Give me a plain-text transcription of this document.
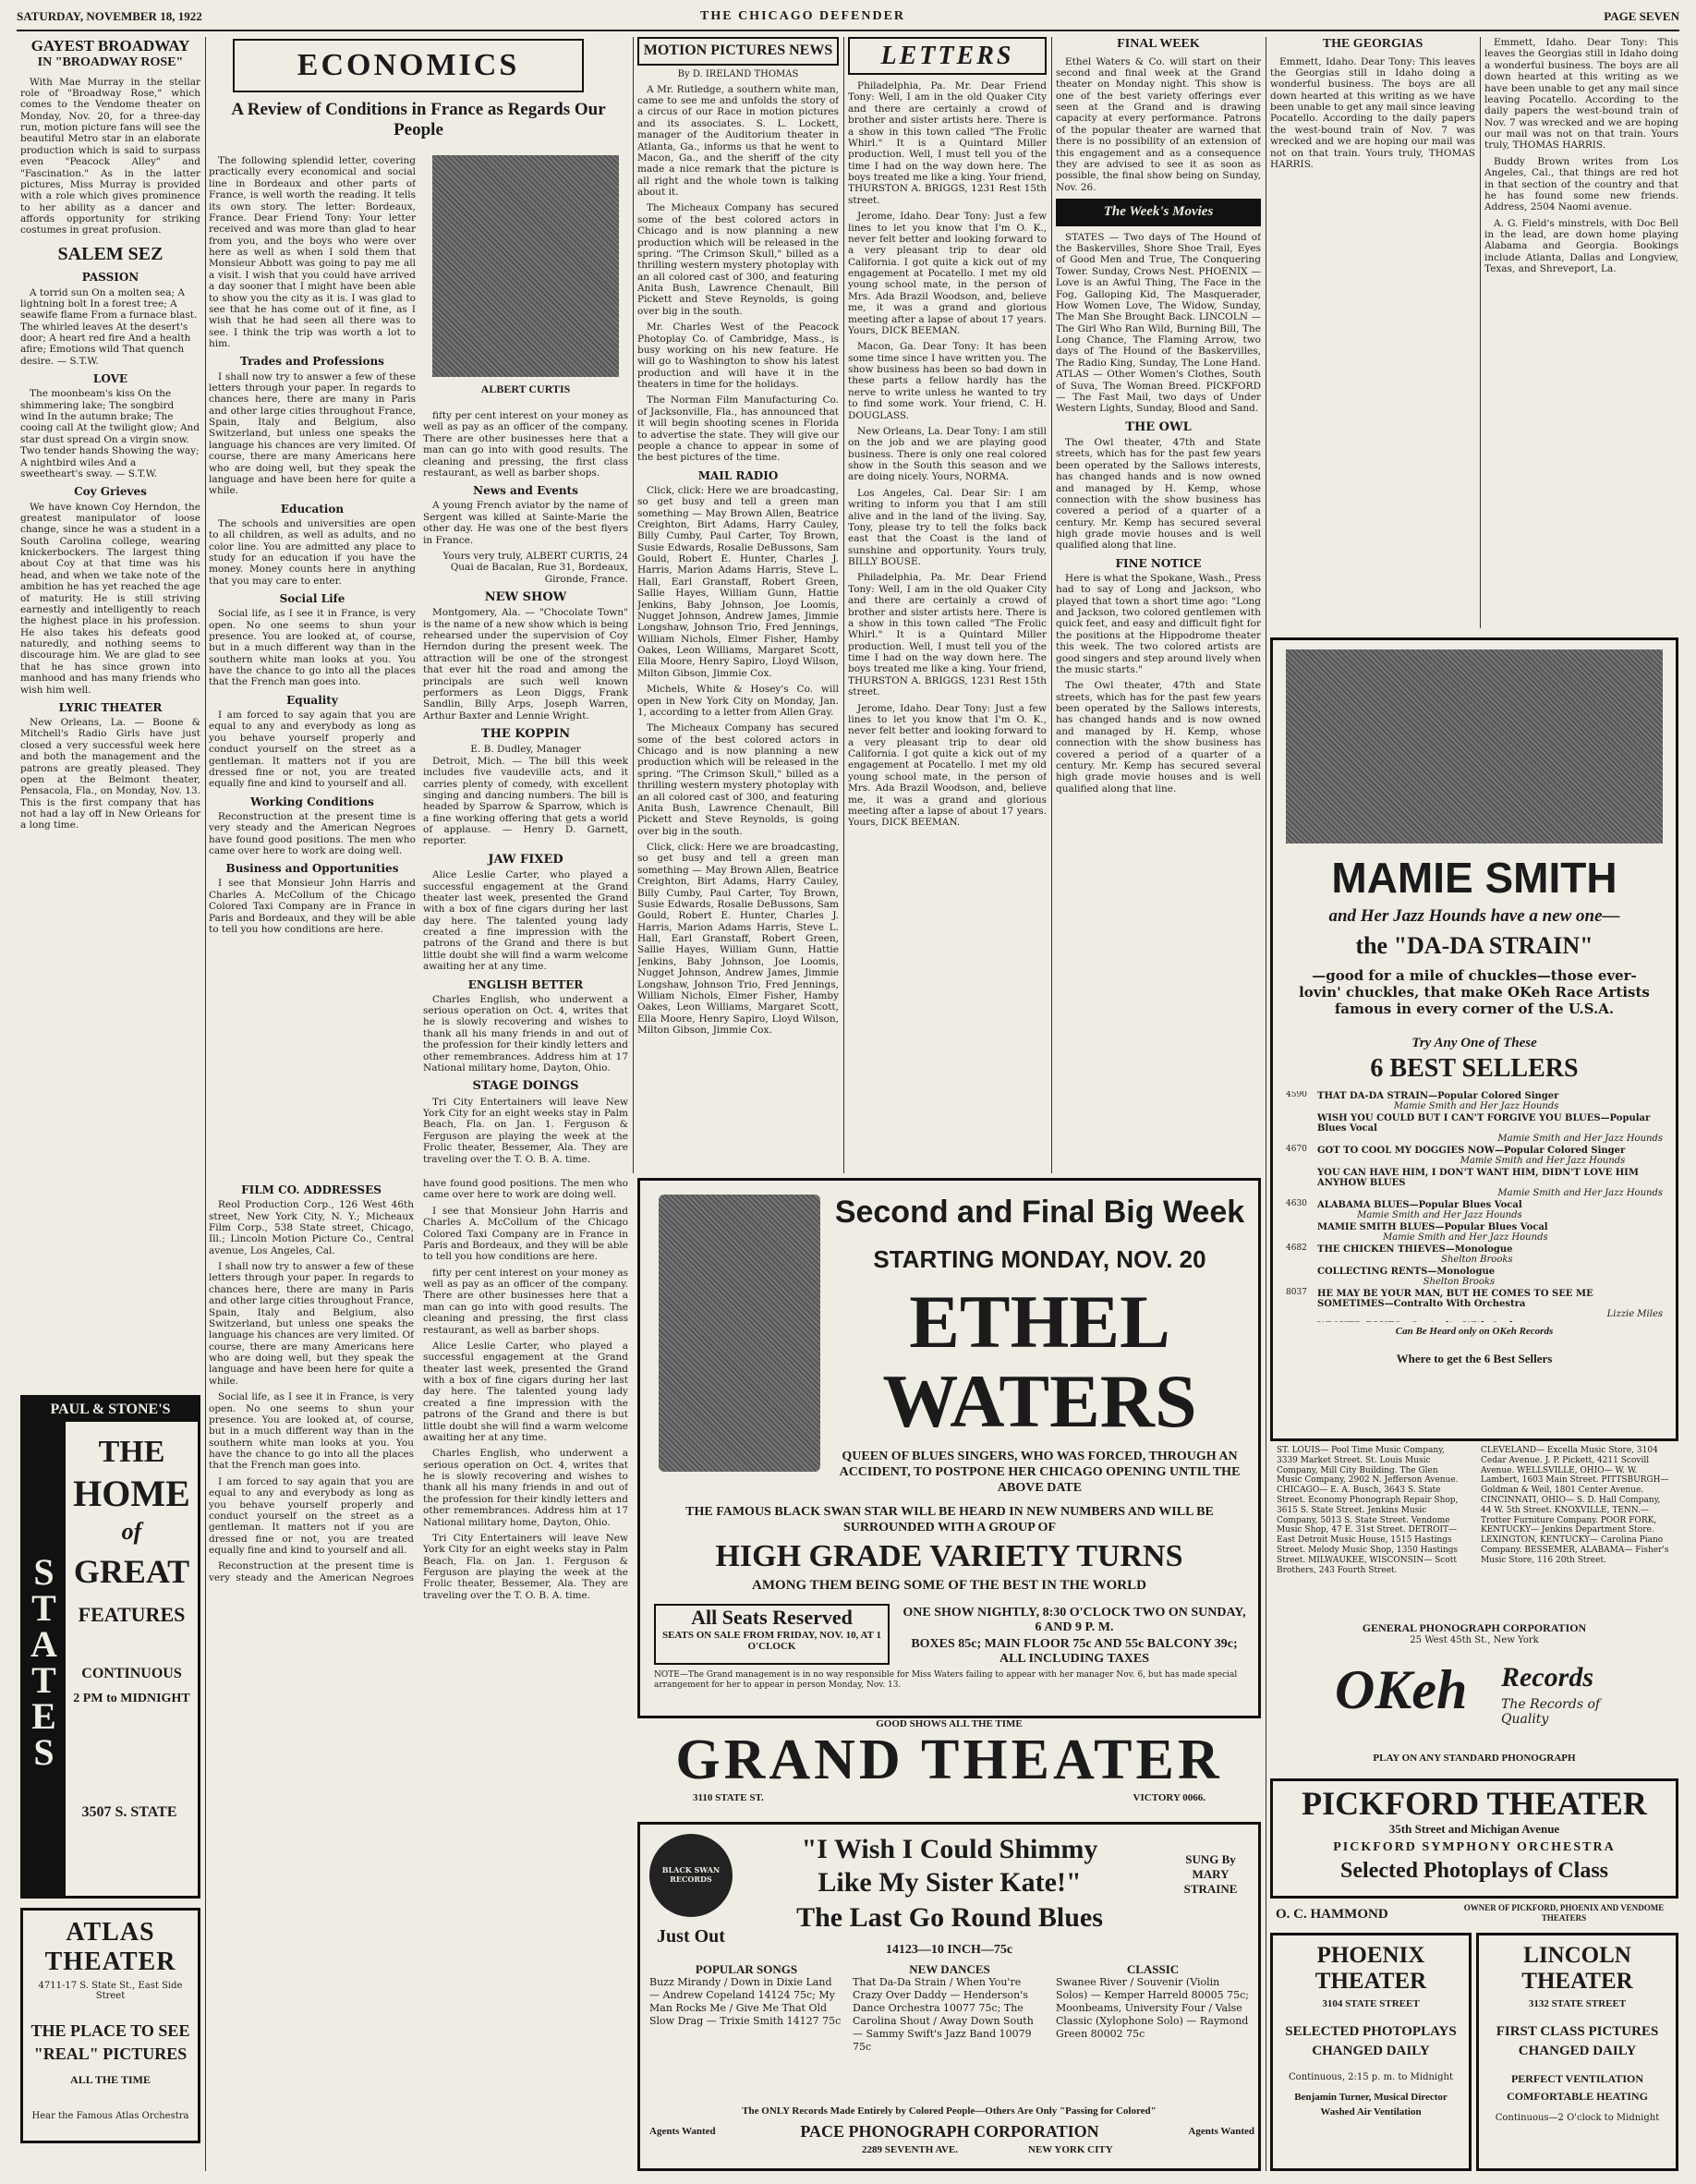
SATURDAY, NOVEMBER 18, 1922	THE CHICAGO DEFENDER	PAGE SEVEN
GAYEST BROADWAY
IN "BROADWAY ROSE"

With Mae Murray in the stellar role of "Broadway Rose," which comes to the Vendome theater on Monday, Nov. 20, for a three-day run, motion picture fans will see the beautiful Metro star in an elaborate production which is said to surpass even "Peacock Alley" and "Fascination." As in the latter pictures, Miss Murray is provided with a role which gives prominence to her ability as a dancer and affords opportunity for striking costumes in great profusion.

SALEM SEZ
PASSION

A torrid sun On a molten sea; A lightning bolt In a forest tree; A seawife flame From a furnace blast. The whirled leaves At the desert's door; A heart red fire And a health afire; Emotions wild That quench desire. — S.T.W.

LOVE

The moonbeam's kiss On the shimmering lake; The songbird wind In the autumn brake; The cooing call At the twilight glow; And star dust spread On a virgin snow. Two tender hands Showing the way; A nightbird wiles And a sweetheart's sway. — S.T.W.

Coy Grieves

We have known Coy Herndon, the greatest manipulator of loose change, since he was a student in a South Carolina college, wearing knickerbockers. The largest thing about Coy at that time was his head, and when we take note of the ambition he has yet reached the age of maturity. He is still striving earnestly and intelligently to reach the highest place in his profession. He also takes his defeats good naturedly, and nothing seems to discourage him. We are glad to see that he has since grown into manhood and has many friends who wish him well.

LYRIC THEATER

New Orleans, La. — Boone & Mitchell's Radio Girls have just closed a very successful week here and both the management and the patrons are greatly pleased. They open at the Belmont theater, Pensacola, Fla., on Monday, Nov. 13. This is the first company that has not had a lay off in New Orleans for a long time.

PAUL & STONE'S
STATES
THE
HOME
of
GREAT
FEATURES
CONTINUOUS
2 PM to MIDNIGHT
3507 S. STATE
ATLAS THEATER
4711-17 S. State St., East Side Street
THE PLACE TO SEE
"REAL" PICTURES
ALL THE TIME
Hear the Famous Atlas Orchestra
ECONOMICS
A Review of Conditions in France as Regards Our People

The following splendid letter, covering practically every economical and social line in Bordeaux and other parts of France, is well worth the reading. It tells its own story. The letter: Bordeaux, France. Dear Friend Tony: Your letter received and was more than glad to hear from you, and the boys who were over here as well as when I sold them that Monsieur Abbott was going to pay me all a visit. I wish that you could have arrived a day sooner that I might have been able to show you the city as it is. I was glad to see that he has come out of it fine, as I wish that he had seen all there was to see. I think the trip was worth a lot to him.

Trades and Professions

I shall now try to answer a few of these letters through your paper. In regards to chances here, there are many in Paris and other large cities throughout France, Spain, Italy and Belgium, also Switzerland, but unless one speaks the language his chances are very limited. Of course, there are many Americans here who are doing well, but they speak the language and have been here for quite a while.

Education

The schools and universities are open to all children, as well as adults, and no color line. You are admitted any place to study for an education if you have the money. Money counts here in anything that you may care to enter.

Social Life

Social life, as I see it in France, is very open. No one seems to shun your presence. You are looked at, of course, but in a much different way than in the southern white man looks at you. You have the chance to go into all the places that the French man goes into.

Equality

I am forced to say again that you are equal to any and everybody as long as you behave yourself properly and conduct yourself on the street as a gentleman. It matters not if you are dressed fine or not, you are treated equally fine and kind to yourself and all.

Working Conditions

Reconstruction at the present time is very steady and the American Negroes have found good positions. The men who came over here to work are doing well.

Business and Opportunities

I see that Monsieur John Harris and Charles A. McCollum of the Chicago Colored Taxi Company are in France in Paris and Bordeaux, and they will be able to tell you how conditions are here.

ALBERT CURTIS

fifty per cent interest on your money as well as pay as an officer of the company. There are other businesses here that a man can go into with good results. The cleaning and pressing, the first class restaurant, as well as barber shops.

News and Events

A young French aviator by the name of Sergent was killed at Sainte-Marie the other day. He was one of the best flyers in France.

Yours very truly, ALBERT CURTIS, 24 Quai de Bacalan, Rue 31, Bordeaux, Gironde, France.

NEW SHOW

Montgomery, Ala. — "Chocolate Town" is the name of a new show which is being rehearsed under the supervision of Coy Herndon during the present week. The attraction will be one of the strongest that ever hit the road and among the principals are such well known performers as Leon Diggs, Frank Sandlin, Billy Arps, Joseph Warren, Arthur Baxter and Lennie Wright.

THE KOPPIN
E. B. Dudley, Manager

Detroit, Mich. — The bill this week includes five vaudeville acts, and it carries plenty of comedy, with excellent singing and dancing numbers. The bill is headed by Sparrow & Sparrow, which is a fine working offering that gets a world of applause. — Henry D. Garnett, reporter.

JAW FIXED

Alice Leslie Carter, who played a successful engagement at the Grand theater last week, presented the Grand with a box of fine cigars during her last day here. The talented young lady created a fine impression with the patrons of the Grand and there is but little doubt she will find a warm welcome awaiting her at any time.

ENGLISH BETTER

Charles English, who underwent a serious operation on Oct. 4, writes that he is slowly recovering and wishes to thank all his many friends in and out of the profession for their kindly letters and other remembrances. Address him at 17 National military home, Dayton, Ohio.

STAGE DOINGS

Tri City Entertainers will leave New York City for an eight weeks stay in Palm Beach, Fla. on Jan. 1. Ferguson & Ferguson are playing the week at the Frolic theater, Bessemer, Ala. They are traveling over the T. O. B. A. time.

FILM CO. ADDRESSES

Reol Production Corp., 126 West 46th street, New York City, N. Y.; Micheaux Film Corp., 538 State street, Chicago, Ill.; Lincoln Motion Picture Co., Central avenue, Los Angeles, Cal.

I shall now try to answer a few of these letters through your paper. In regards to chances here, there are many in Paris and other large cities throughout France, Spain, Italy and Belgium, also Switzerland, but unless one speaks the language his chances are very limited. Of course, there are many Americans here who are doing well, but they speak the language and have been here for quite a while.

Social life, as I see it in France, is very open. No one seems to shun your presence. You are looked at, of course, but in a much different way than in the southern white man looks at you. You have the chance to go into all the places that the French man goes into.

I am forced to say again that you are equal to any and everybody as long as you behave yourself properly and conduct yourself on the street as a gentleman. It matters not if you are dressed fine or not, you are treated equally fine and kind to yourself and all.

Reconstruction at the present time is very steady and the American Negroes have found good positions. The men who came over here to work are doing well.

I see that Monsieur John Harris and Charles A. McCollum of the Chicago Colored Taxi Company are in France in Paris and Bordeaux, and they will be able to tell you how conditions are here.

fifty per cent interest on your money as well as pay as an officer of the company. There are other businesses here that a man can go into with good results. The cleaning and pressing, the first class restaurant, as well as barber shops.

Alice Leslie Carter, who played a successful engagement at the Grand theater last week, presented the Grand with a box of fine cigars during her last day here. The talented young lady created a fine impression with the patrons of the Grand and there is but little doubt she will find a warm welcome awaiting her at any time.

Charles English, who underwent a serious operation on Oct. 4, writes that he is slowly recovering and wishes to thank all his many friends in and out of the profession for their kindly letters and other remembrances. Address him at 17 National military home, Dayton, Ohio.

Tri City Entertainers will leave New York City for an eight weeks stay in Palm Beach, Fla. on Jan. 1. Ferguson & Ferguson are playing the week at the Frolic theater, Bessemer, Ala. They are traveling over the T. O. B. A. time.

MOTION PICTURES NEWS
By D. IRELAND THOMAS

A Mr. Rutledge, a southern white man, came to see me and unfolds the story of a circus of our Race in motion pictures and its associates. S. L. Lockett, manager of the Auditorium theater in Atlanta, Ga., informs us that he went to Macon, Ga., and the sheriff of the city made a nice remark that the picture is all right and the whole town is talking about it.

The Micheaux Company has secured some of the best colored actors in Chicago and is now planning a new production which will be released in the spring. "The Crimson Skull," billed as a thrilling western mystery photoplay with an all colored cast of 300, and featuring Anita Bush, Lawrence Chenault, Bill Pickett and Steve Reynolds, is going over big in the south.

Mr. Charles West of the Peacock Photoplay Co. of Cambridge, Mass., is busy working on his new feature. He will go to Washington to show his latest production and will have it in the theaters in time for the holidays.

The Norman Film Manufacturing Co. of Jacksonville, Fla., has announced that it will begin shooting scenes in Florida to advertise the state. They will give our people a chance to appear in some of the best pictures of the time.

MAIL RADIO

Click, click: Here we are broadcasting, so get busy and tell a green man something — May Brown Allen, Beatrice Creighton, Birt Adams, Harry Cauley, Billy Cumby, Paul Carter, Toy Brown, Susie Edwards, Rosalie DeBussons, Sam Gould, Robert E. Hunter, Charles J. Harris, Marion Adams Harris, Steve L. Hall, Earl Granstaff, Robert Green, Sallie Hayes, William Gunn, Hattie Jenkins, Baby Johnson, Joe Loomis, Nugget Johnson, Andrew James, Jimmie Longshaw, Johnson Trio, Fred Jennings, William Nichols, Elmer Fisher, Hamby Oakes, Leon Williams, Margaret Scott, Ella Moore, Henry Sapiro, Lloyd Wilson, Milton Gibson, Jimmie Cox.

Michels, White & Hosey's Co. will open in New York City on Monday, Jan. 1, according to a letter from Allen Gray.

The Micheaux Company has secured some of the best colored actors in Chicago and is now planning a new production which will be released in the spring. "The Crimson Skull," billed as a thrilling western mystery photoplay with an all colored cast of 300, and featuring Anita Bush, Lawrence Chenault, Bill Pickett and Steve Reynolds, is going over big in the south.

Click, click: Here we are broadcasting, so get busy and tell a green man something — May Brown Allen, Beatrice Creighton, Birt Adams, Harry Cauley, Billy Cumby, Paul Carter, Toy Brown, Susie Edwards, Rosalie DeBussons, Sam Gould, Robert E. Hunter, Charles J. Harris, Marion Adams Harris, Steve L. Hall, Earl Granstaff, Robert Green, Sallie Hayes, William Gunn, Hattie Jenkins, Baby Johnson, Joe Loomis, Nugget Johnson, Andrew James, Jimmie Longshaw, Johnson Trio, Fred Jennings, William Nichols, Elmer Fisher, Hamby Oakes, Leon Williams, Margaret Scott, Ella Moore, Henry Sapiro, Lloyd Wilson, Milton Gibson, Jimmie Cox.

LETTERS

Philadelphia, Pa. Mr. Dear Friend Tony: Well, I am in the old Quaker City and there are certainly a crowd of brother and sister artists here. There is a show in this town called "The Frolic Whirl." It is a Quintard Miller production. Well, I must tell you of the time I had on the way down here. The boys treated me like a king. Your friend, THURSTON A. BRIGGS, 1231 Rest 15th street.

Jerome, Idaho. Dear Tony: Just a few lines to let you know that I'm O. K., never felt better and looking forward to a very pleasant trip to dear old California. I got quite a kick out of my engagement at Pocatello. I met my old young school mate, in the person of Mrs. Ada Brazil Woodson, and, believe me, it was a grand and glorious meeting after a lapse of about 17 years. Yours, DICK BEEMAN.

Macon, Ga. Dear Tony: It has been some time since I have written you. The show business has been so bad down in these parts a fellow hardly has the nerve to write unless he wanted to try to find some work. Your friend, C. H. DOUGLASS.

New Orleans, La. Dear Tony: I am still on the job and we are playing good business. There is only one real colored show in the South this season and we are doing nicely. Yours, NORMA.

Los Angeles, Cal. Dear Sir: I am writing to inform you that I am still alive and in the land of the living. Say, Tony, please try to tell the folks back east that the Coast is the land of sunshine and opportunity. Yours truly, BILLY BOUSE.

Philadelphia, Pa. Mr. Dear Friend Tony: Well, I am in the old Quaker City and there are certainly a crowd of brother and sister artists here. There is a show in this town called "The Frolic Whirl." It is a Quintard Miller production. Well, I must tell you of the time I had on the way down here. The boys treated me like a king. Your friend, THURSTON A. BRIGGS, 1231 Rest 15th street.

Jerome, Idaho. Dear Tony: Just a few lines to let you know that I'm O. K., never felt better and looking forward to a very pleasant trip to dear old California. I got quite a kick out of my engagement at Pocatello. I met my old young school mate, in the person of Mrs. Ada Brazil Woodson, and, believe me, it was a grand and glorious meeting after a lapse of about 17 years. Yours, DICK BEEMAN.

FINAL WEEK

Ethel Waters & Co. will start on their second and final week at the Grand theater on Monday night. This show is one of the best variety offerings ever seen at the Grand and is drawing capacity at every performance. Patrons of the popular theater are warned that there is no possibility of an extension of this engagement and as a consequence they are advised to see it as soon as possible, the final show being on Sunday, Nov. 26.

The Week's Movies

STATES — Two days of The Hound of the Baskervilles, Shore Shoe Trail, Eyes of Good Men and True, The Conquering Tower. Sunday, Crows Nest. PHOENIX — Love is an Awful Thing, The Face in the Fog, Galloping Kid, The Masquerader, How Women Love, The Widow, Sunday, The Man She Brought Back. LINCOLN — The Girl Who Ran Wild, Burning Bill, The Long Chance, The Flaming Arrow, two days of The Hound of the Baskervilles, The Radio King, Sunday, The Lone Hand. ATLAS — Other Women's Clothes, South of Suva, The Woman Breed. PICKFORD — The Fast Mail, two days of Under Western Lights, Sunday, Blood and Sand.

THE OWL

The Owl theater, 47th and State streets, which has for the past few years been operated by the Sallows interests, has changed hands and is now owned and managed by H. Kemp, whose connection with the show business has covered a period of a quarter of a century. Mr. Kemp has secured several high grade movie houses and is well qualified along that line.

FINE NOTICE

Here is what the Spokane, Wash., Press had to say of Long and Jackson, who played that town a short time ago: "Long and Jackson, two colored gentlemen with quick feet, and easy and difficult fight for the positions at the Hippodrome theater this week. The two colored artists are good singers and step around lively when the music starts."

The Owl theater, 47th and State streets, which has for the past few years been operated by the Sallows interests, has changed hands and is now owned and managed by H. Kemp, whose connection with the show business has covered a period of a quarter of a century. Mr. Kemp has secured several high grade movie houses and is well qualified along that line.

THE GEORGIAS

Emmett, Idaho. Dear Tony: This leaves the Georgias still in Idaho doing a wonderful business. The boys are all down hearted at this writing as we have been unable to get any mail since leaving Pocatello. According to the daily papers the west-bound train of Nov. 7 was wrecked and we are hoping our mail was not on that train. Yours truly, THOMAS HARRIS.

Emmett, Idaho. Dear Tony: This leaves the Georgias still in Idaho doing a wonderful business. The boys are all down hearted at this writing as we have been unable to get any mail since leaving Pocatello. According to the daily papers the west-bound train of Nov. 7 was wrecked and we are hoping our mail was not on that train. Yours truly, THOMAS HARRIS.

Buddy Brown writes from Los Angeles, Cal., that things are red hot in that section of the country and that he has found some new friends. Address, 2504 Naomi avenue.

A. G. Field's minstrels, with Doc Bell in the lead, are down home playing Alabama and Georgia. Bookings include Atlanta, Dallas and Longview, Texas, and Shreveport, La.

MAMIE SMITH
and Her Jazz Hounds have a new one—
the "DA-DA STRAIN"
—good for a mile of chuckles—those ever-lovin' chuckles, that make OKeh Race Artists famous in every corner of the U.S.A.
Try Any One of These
6 BEST SELLERS
4590	THAT DA-DA STRAIN—Popular Colored Singer
Mamie Smith and Her Jazz Hounds
WISH YOU COULD BUT I CAN'T FORGIVE YOU BLUES—Popular Blues Vocal
Mamie Smith and Her Jazz Hounds
4670	GOT TO COOL MY DOGGIES NOW—Popular Colored Singer
Mamie Smith and Her Jazz Hounds
YOU CAN HAVE HIM, I DON'T WANT HIM, DIDN'T LOVE HIM ANYHOW BLUES
Mamie Smith and Her Jazz Hounds
4630	ALABAMA BLUES—Popular Blues Vocal
Mamie Smith and Her Jazz Hounds
MAMIE SMITH BLUES—Popular Blues Vocal
Mamie Smith and Her Jazz Hounds
4682	THE CHICKEN THIEVES—Monologue
Shelton Brooks
COLLECTING RENTS—Monologue
Shelton Brooks
8037	HE MAY BE YOUR MAN, BUT HE COMES TO SEE ME SOMETIMES—Contralto With Orchestra
Lizzie Miles
Can Be Heard only on OKeh Records
Where to get the 6 Best Sellers
ST. LOUIS— Pool Time Music Company, 3339 Market Street. St. Louis Music Company, Mill City Building. The Glen Music Company, 2902 N. Jefferson Avenue. CHICAGO— E. A. Busch, 3643 S. State Street. Economy Phonograph Repair Shop, 3615 S. State Street. Jenkins Music Company, 5013 S. State Street. Vendome Music Shop, 47 E. 31st Street. DETROIT— East Detroit Music House, 1515 Hastings Street. Melody Music Shop, 1350 Hastings Street. MILWAUKEE, WISCONSIN— Scott Brothers, 243 Fourth Street.
CLEVELAND— Excella Music Store, 3104 Cedar Avenue. J. P. Pickett, 4211 Scovill Avenue. WELLSVILLE, OHIO— W. W. Lambert, 1603 Main Street. PITTSBURGH— Goldman & Weil, 1801 Center Avenue. CINCINNATI, OHIO— S. D. Hall Company, 44 W. 5th Street. KNOXVILLE, TENN.— Trotter Furniture Company. POOR FORK, KENTUCKY— Jenkins Department Store. LEXINGTON, KENTUCKY— Carolina Piano Company. BESSEMER, ALABAMA— Fisher's Music Store, 116 20th Street.
GENERAL PHONOGRAPH CORPORATION
25 West 45th St., New York
OKeh Records
The Records of Quality
PLAY ON ANY STANDARD PHONOGRAPH
Second and Final Big Week
STARTING MONDAY, NOV. 20
ETHEL
WATERS
QUEEN OF BLUES SINGERS, WHO WAS FORCED, THROUGH AN ACCIDENT, TO POSTPONE HER CHICAGO OPENING UNTIL THE ABOVE DATE
THE FAMOUS BLACK SWAN STAR WILL BE HEARD IN NEW NUMBERS AND WILL BE SURROUNDED WITH A GROUP OF
HIGH GRADE VARIETY TURNS
AMONG THEM BEING SOME OF THE BEST IN THE WORLD
All Seats Reserved
SEATS ON SALE FROM FRIDAY, NOV. 10, AT 1 O'CLOCK
ONE SHOW NIGHTLY, 8:30 O'CLOCK TWO ON SUNDAY, 6 AND 9 P. M.
BOXES 85c; MAIN FLOOR 75c AND 55c BALCONY 39c; ALL INCLUDING TAXES
NOTE—The Grand management is in no way responsible for Miss Waters failing to appear with her manager Nov. 6, but has made special arrangement for her to appear in person Monday, Nov. 13.
GOOD SHOWS ALL THE TIME
GRAND THEATER
3110 STATE ST.	VICTORY 0066.
BLACK SWAN RECORDS
Just Out
"I Wish I Could Shimmy
Like My Sister Kate!"
The Last Go Round Blues
SUNG By MARY STRAINE
14123—10 INCH—75c
POPULAR SONGS
Buzz Mirandy / Down in Dixie Land — Andrew Copeland 14124 75c; My Man Rocks Me / Give Me That Old Slow Drag — Trixie Smith 14127 75c
NEW DANCES
That Da-Da Strain / When You're Crazy Over Daddy — Henderson's Dance Orchestra 10077 75c; The Carolina Shout / Away Down South — Sammy Swift's Jazz Band 10079 75c
CLASSIC
Swanee River / Souvenir (Violin Solos) — Kemper Harreld 80005 75c; Moonbeams, University Four / Valse Classic (Xylophone Solo) — Raymond Green 80002 75c
The ONLY Records Made Entirely by Colored People—Others Are Only "Passing for Colored"
Agents Wanted	PACE PHONOGRAPH CORPORATION
2289 SEVENTH AVE.	NEW YORK CITY
Agents Wanted
PICKFORD THEATER
35th Street and Michigan Avenue
PICKFORD SYMPHONY ORCHESTRA
Selected Photoplays of Class
O. C. HAMMOND	OWNER OF PICKFORD, PHOENIX AND VENDOME THEATERS
PHOENIX THEATER
3104 STATE STREET
SELECTED PHOTOPLAYS
CHANGED DAILY
Continuous, 2:15 p. m. to Midnight
Benjamin Turner, Musical Director
Washed Air Ventilation
LINCOLN THEATER
3132 STATE STREET
FIRST CLASS PICTURES
CHANGED DAILY
PERFECT VENTILATION
COMFORTABLE HEATING
Continuous—2 O'clock to Midnight
